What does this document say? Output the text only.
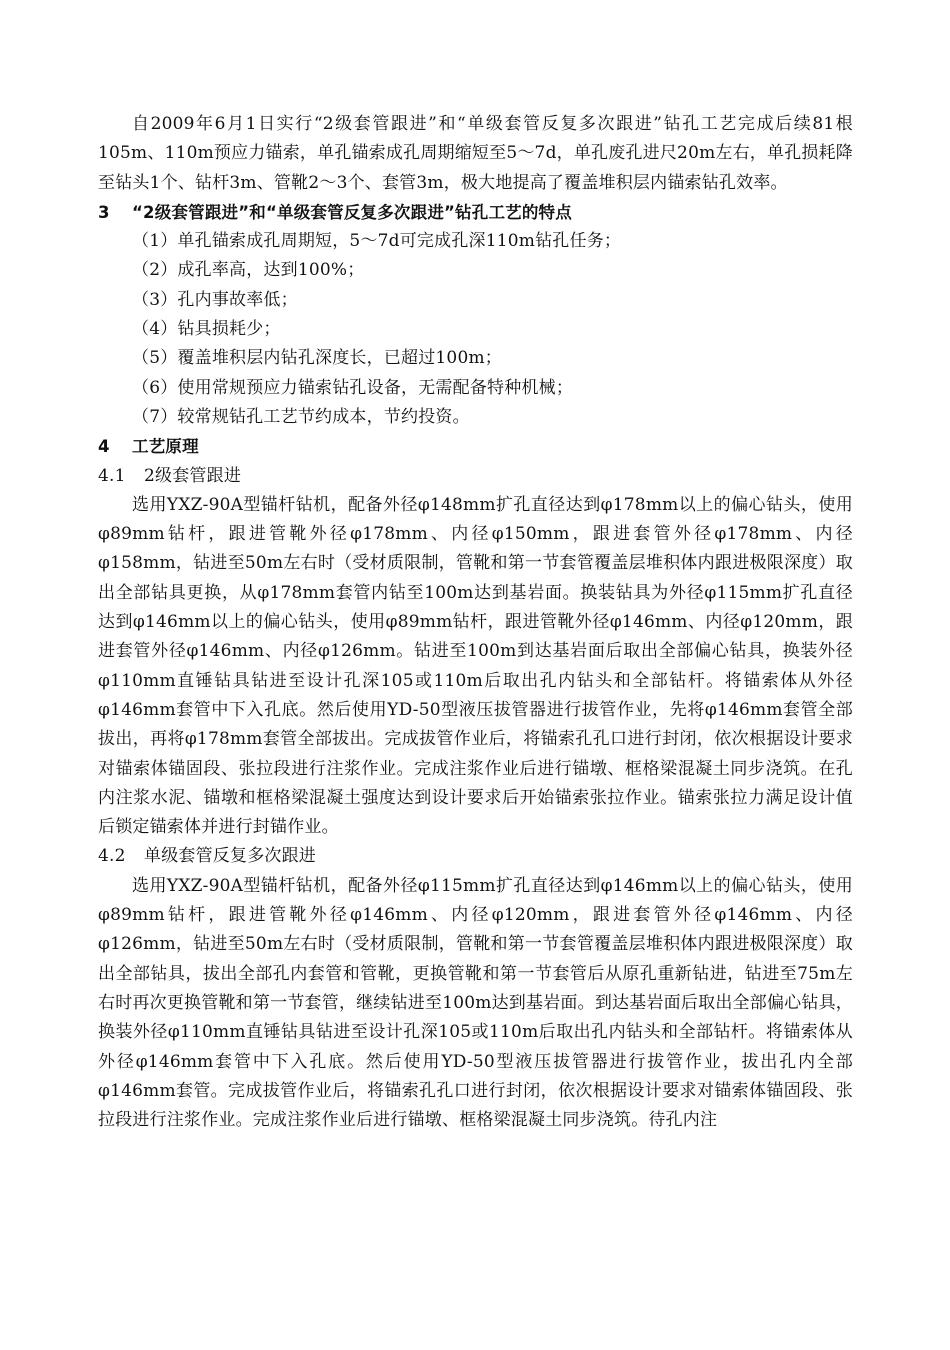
自2009年6月1日实行“2级套管跟进”和“单级套管反复多次跟进”钻孔工艺完成后续81根105m、110m预应力锚索，单孔锚索成孔周期缩短至5～7d，单孔废孔进尺20m左右，单孔损耗降至钻头1个、钻杆3m、管靴2～3个、套管3m，极大地提高了覆盖堆积层内锚索钻孔效率。

3 “2级套管跟进”和“单级套管反复多次跟进”钻孔工艺的特点

（1）单孔锚索成孔周期短，5～7d可完成孔深110m钻孔任务；

（2）成孔率高，达到100%；

（3）孔内事故率低；

（4）钻具损耗少；

（5）覆盖堆积层内钻孔深度长，已超过100m；

（6）使用常规预应力锚索钻孔设备，无需配备特种机械；

（7）较常规钻孔工艺节约成本，节约投资。

4 工艺原理

4.1 2级套管跟进

选用YXZ-90A型锚杆钻机，配备外径φ148mm扩孔直径达到φ178mm以上的偏心钻头，使用φ89mm钻杆，跟进管靴外径φ178mm、内径φ150mm，跟进套管外径φ178mm、内径φ158mm，钻进至50m左右时（受材质限制，管靴和第一节套管覆盖层堆积体内跟进极限深度）取出全部钻具更换，从φ178mm套管内钻至100m达到基岩面。换装钻具为外径φ115mm扩孔直径达到φ146mm以上的偏心钻头，使用φ89mm钻杆，跟进管靴外径φ146mm、内径φ120mm，跟进套管外径φ146mm、内径φ126mm。钻进至100m到达基岩面后取出全部偏心钻具，换装外径φ110mm直锤钻具钻进至设计孔深105或110m后取出孔内钻头和全部钻杆。将锚索体从外径φ146mm套管中下入孔底。然后使用YD-50型液压拔管器进行拔管作业，先将φ146mm套管全部拔出，再将φ178mm套管全部拔出。完成拔管作业后，将锚索孔孔口进行封闭，依次根据设计要求对锚索体锚固段、张拉段进行注浆作业。完成注浆作业后进行锚墩、框格梁混凝土同步浇筑。在孔内注浆水泥、锚墩和框格梁混凝土强度达到设计要求后开始锚索张拉作业。锚索张拉力满足设计值后锁定锚索体并进行封锚作业。

4.2 单级套管反复多次跟进

选用YXZ-90A型锚杆钻机，配备外径φ115mm扩孔直径达到φ146mm以上的偏心钻头，使用φ89mm钻杆，跟进管靴外径φ146mm、内径φ120mm，跟进套管外径φ146mm、内径φ126mm，钻进至50m左右时（受材质限制，管靴和第一节套管覆盖层堆积体内跟进极限深度）取出全部钻具，拔出全部孔内套管和管靴，更换管靴和第一节套管后从原孔重新钻进，钻进至75m左右时再次更换管靴和第一节套管，继续钻进至100m达到基岩面。到达基岩面后取出全部偏心钻具，换装外径φ110mm直锤钻具钻进至设计孔深105或110m后取出孔内钻头和全部钻杆。将锚索体从外径φ146mm套管中下入孔底。然后使用YD-50型液压拔管器进行拔管作业，拔出孔内全部φ146mm套管。完成拔管作业后，将锚索孔孔口进行封闭，依次根据设计要求对锚索体锚固段、张拉段进行注浆作业。完成注浆作业后进行锚墩、框格梁混凝土同步浇筑。待孔内注
